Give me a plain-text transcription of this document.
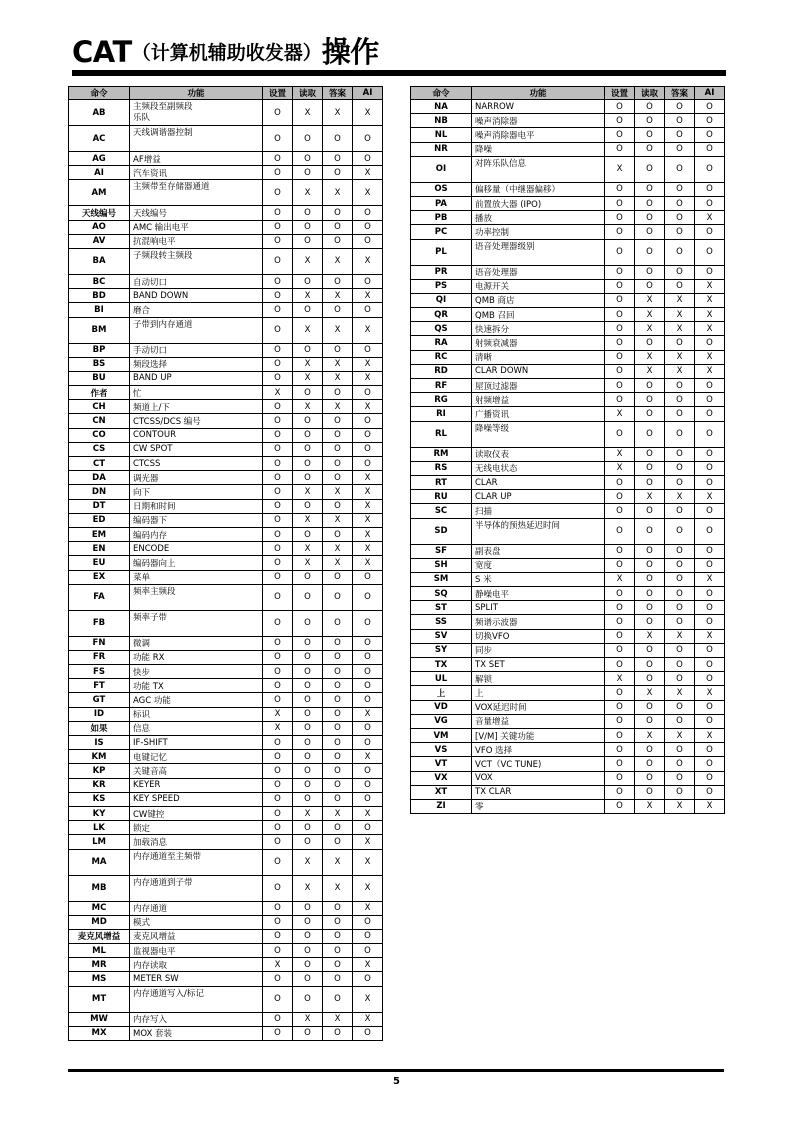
CAT（计算机辅助收发器）操作
命令	功能	设置	读取	答案	AI
AB	主频段至副频段
乐队	O	X	X	X
AC	天线调谐器控制	O	O	O	O
AG	AF增益	O	O	O	O
AI	汽车资讯	O	O	O	X
AM	主频带至存储器通道	O	X	X	X
天线编号	天线编号	O	O	O	O
AO	AMC 输出电平	O	O	O	O
AV	抗混响电平	O	O	O	O
BA	子频段转主频段	O	X	X	X
BC	自动切口	O	O	O	O
BD	BAND DOWN	O	X	X	X
BI	磨合	O	O	O	O
BM	子带到内存通道	O	X	X	X
BP	手动切口	O	O	O	O
BS	频段选择	O	X	X	X
BU	BAND UP	O	X	X	X
作者	忙	X	O	O	O
CH	频道上/下	O	X	X	X
CN	CTCSS/DCS 编号	O	O	O	O
CO	CONTOUR	O	O	O	O
CS	CW SPOT	O	O	O	O
CT	CTCSS	O	O	O	O
DA	调光器	O	O	O	X
DN	向下	O	X	X	X
DT	日期和时间	O	O	O	X
ED	编码器下	O	X	X	X
EM	编码内存	O	O	O	X
EN	ENCODE	O	X	X	X
EU	编码器向上	O	X	X	X
EX	菜单	O	O	O	O
FA	频率主频段	O	O	O	O
FB	频率子带	O	O	O	O
FN	微调	O	O	O	O
FR	功能 RX	O	O	O	O
FS	快步	O	O	O	O
FT	功能 TX	O	O	O	O
GT	AGC 功能	O	O	O	O
ID	标识	X	O	O	X
如果	信息	X	O	O	O
IS	IF-SHIFT	O	O	O	O
KM	电键记忆	O	O	O	X
KP	关键音高	O	O	O	O
KR	KEYER	O	O	O	O
KS	KEY SPEED	O	O	O	O
KY	CW键控	O	X	X	X
LK	锁定	O	O	O	O
LM	加载消息	O	O	O	X
MA	内存通道至主频带	O	X	X	X
MB	内存通道到子带	O	X	X	X
MC	内存通道	O	O	O	X
MD	模式	O	O	O	O
麦克风增益	麦克风增益	O	O	O	O
ML	监视器电平	O	O	O	O
MR	内存读取	X	O	O	X
MS	METER SW	O	O	O	O
MT	内存通道写入/标记	O	O	O	X
MW	内存写入	O	X	X	X
MX	MOX 套装	O	O	O	O
命令	功能	设置	读取	答案	AI
NA	NARROW	O	O	O	O
NB	噪声消除器	O	O	O	O
NL	噪声消除器电平	O	O	O	O
NR	降噪	O	O	O	O
OI	对阵乐队信息	X	O	O	O
OS	偏移量（中继器偏移）	O	O	O	O
PA	前置放大器 (IPO)	O	O	O	O
PB	播放	O	O	O	X
PC	功率控制	O	O	O	O
PL	语音处理器级别	O	O	O	O
PR	语音处理器	O	O	O	O
PS	电源开关	O	O	O	X
QI	QMB 商店	O	X	X	X
QR	QMB 召回	O	X	X	X
QS	快速拆分	O	X	X	X
RA	射频衰减器	O	O	O	O
RC	清晰	O	X	X	X
RD	CLAR DOWN	O	X	X	X
RF	屋顶过滤器	O	O	O	O
RG	射频增益	O	O	O	O
RI	广播资讯	X	O	O	O
RL	降噪等级	O	O	O	O
RM	读取仪表	X	O	O	O
RS	无线电状态	X	O	O	O
RT	CLAR	O	O	O	O
RU	CLAR UP	O	X	X	X
SC	扫描	O	O	O	O
SD	半导体的预热延迟时间	O	O	O	O
SF	副表盘	O	O	O	O
SH	宽度	O	O	O	O
SM	S 米	X	O	O	X
SQ	静噪电平	O	O	O	O
ST	SPLIT	O	O	O	O
SS	频谱示波器	O	O	O	O
SV	切换VFO	O	X	X	X
SY	同步	O	O	O	O
TX	TX SET	O	O	O	O
UL	解锁	X	O	O	O
上	上	O	X	X	X
VD	VOX延迟时间	O	O	O	O
VG	音量增益	O	O	O	O
VM	[V/M] 关键功能	O	X	X	X
VS	VFO 选择	O	O	O	O
VT	VCT（VC TUNE)	O	O	O	O
VX	VOX	O	O	O	O
XT	TX CLAR	O	O	O	O
ZI	零	O	X	X	X
5
